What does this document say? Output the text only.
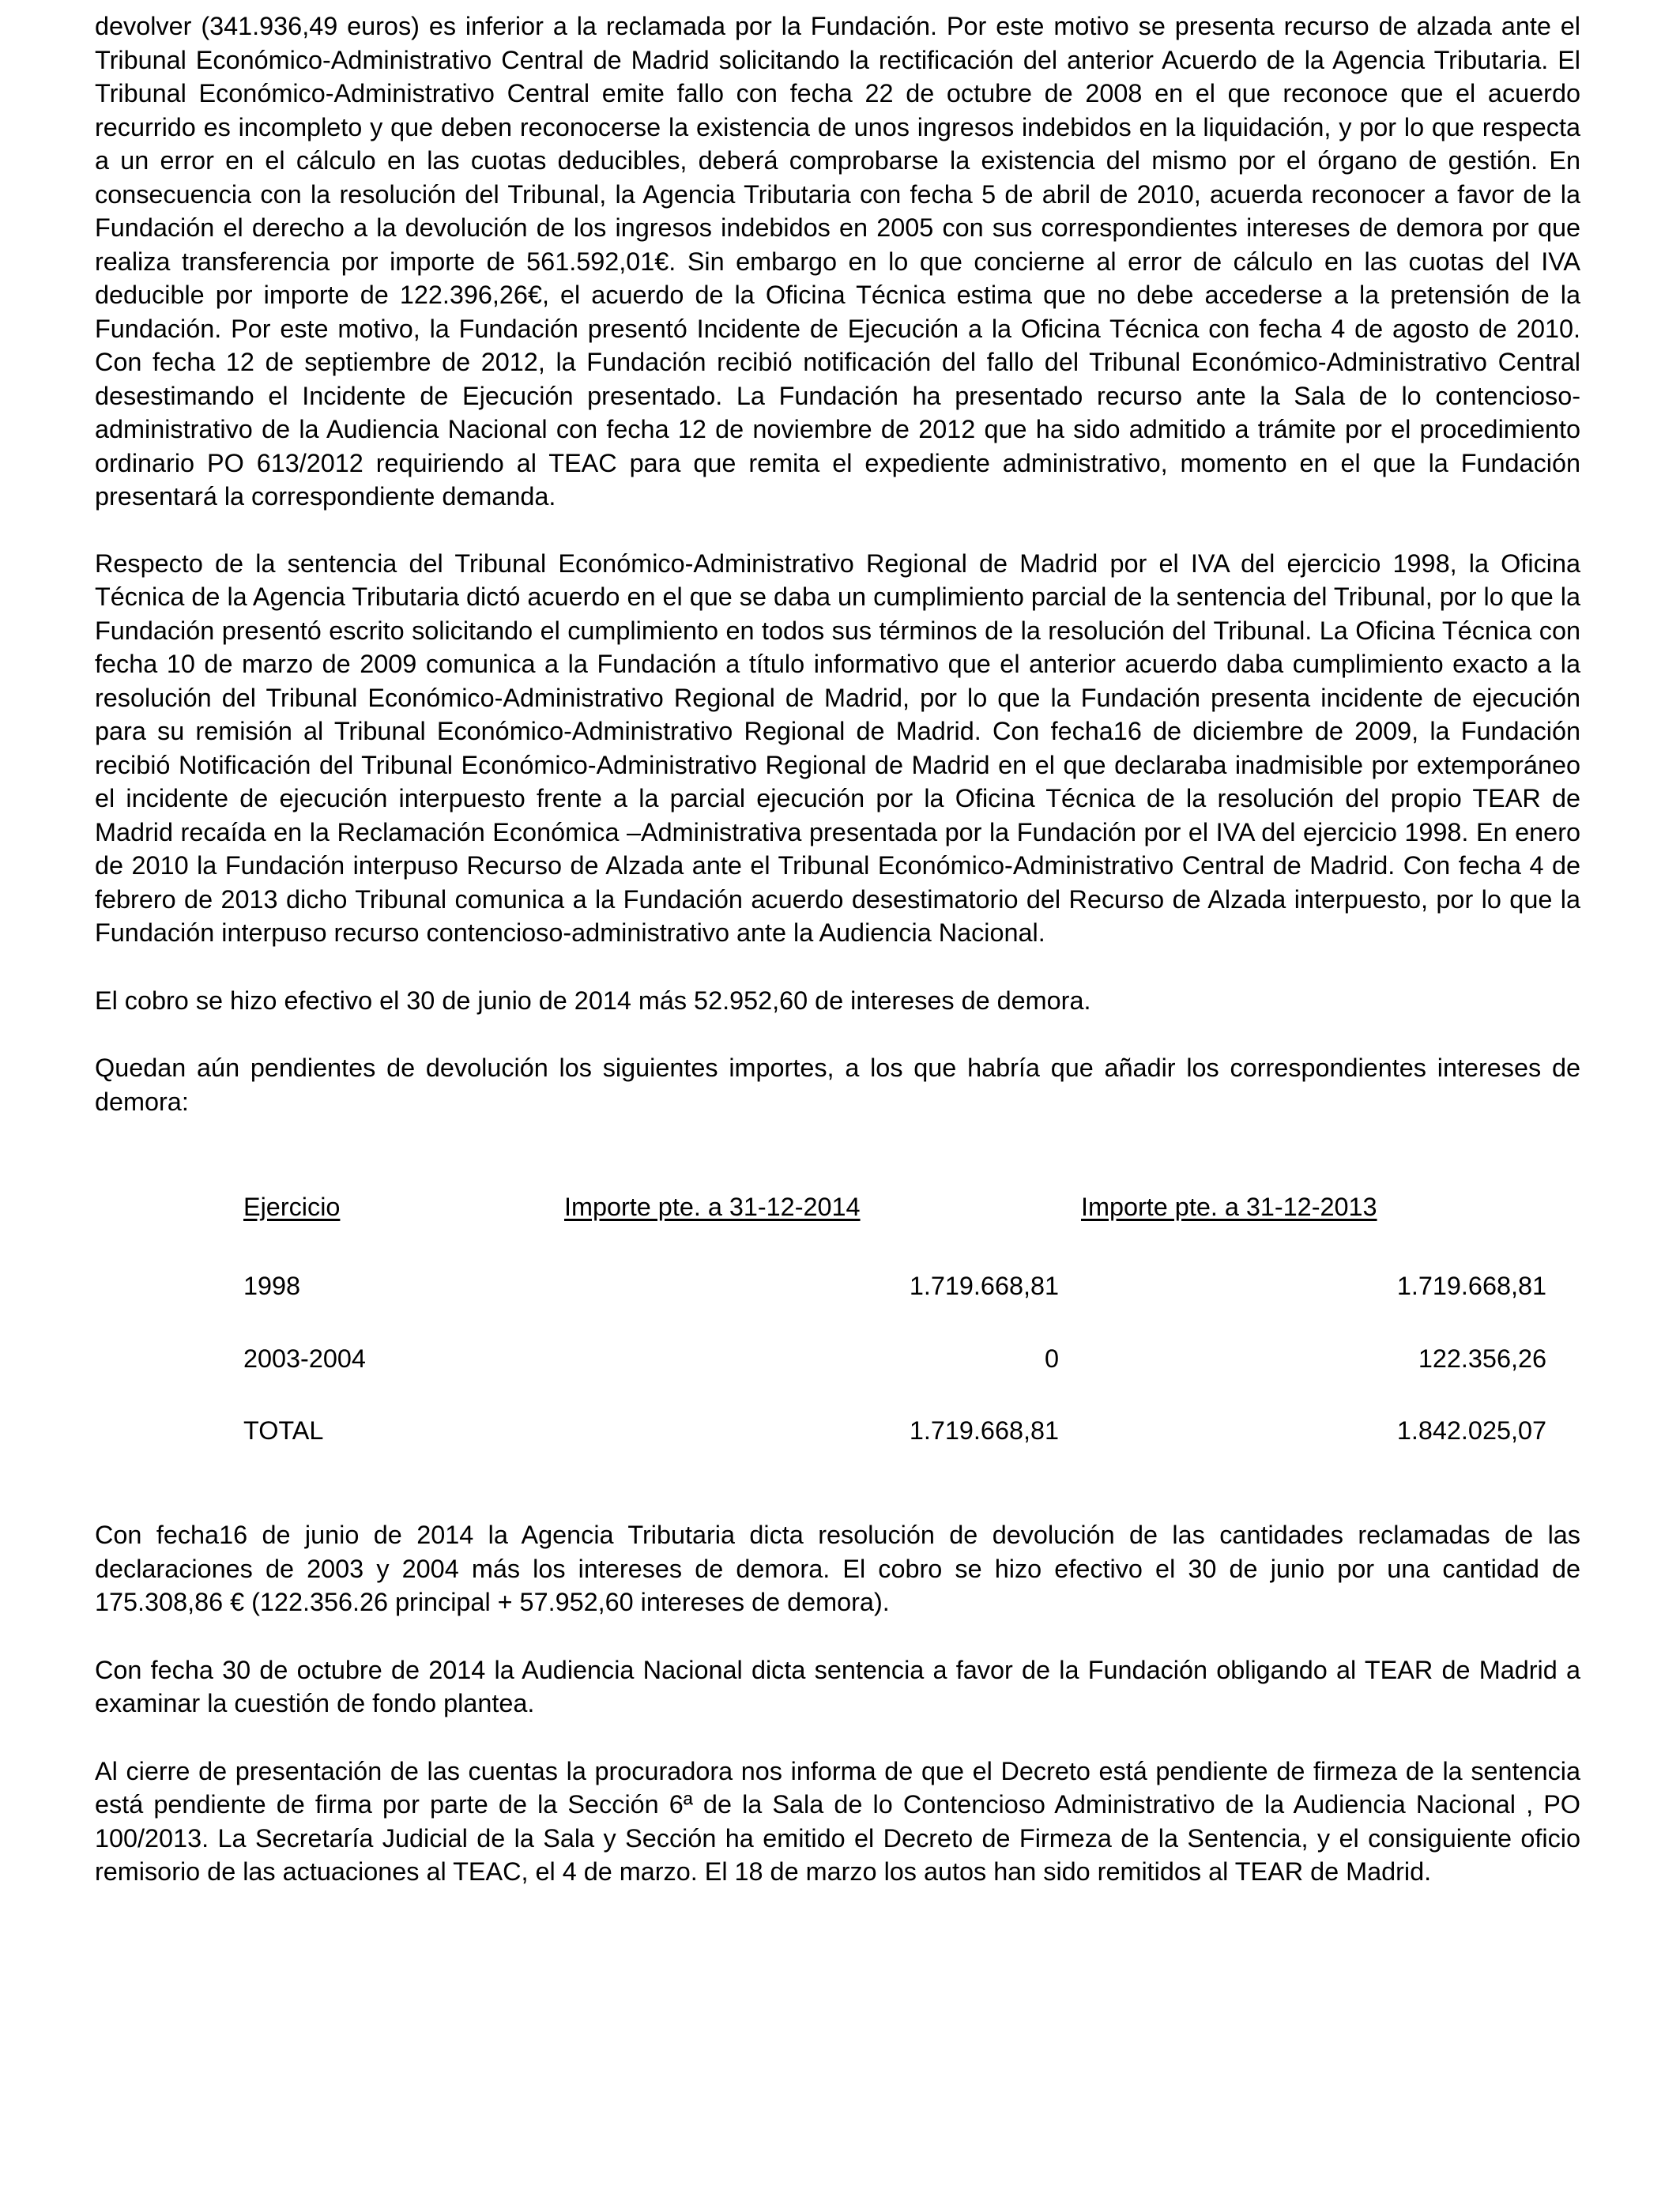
devolver (341.936,49 euros) es inferior a la reclamada por la Fundación. Por este motivo se presenta recurso de alzada ante el Tribunal Económico-Administrativo Central de Madrid solicitando la rectificación del anterior Acuerdo de la Agencia Tributaria. El Tribunal Económico-Administrativo Central emite fallo con fecha 22 de octubre de 2008 en el que reconoce que el acuerdo recurrido es incompleto y que deben reconocerse la existencia de unos ingresos indebidos en la liquidación, y por lo que respecta a un error en el cálculo en las cuotas deducibles, deberá comprobarse la existencia del mismo por el órgano de gestión. En consecuencia con la resolución del Tribunal, la Agencia Tributaria con fecha 5 de abril de 2010, acuerda reconocer a favor de la Fundación el derecho a la devolución de los ingresos indebidos en 2005 con sus correspondientes intereses de demora por que realiza transferencia por importe de 561.592,01€. Sin embargo en lo que concierne al error de cálculo en las cuotas del IVA deducible por importe de 122.396,26€, el acuerdo de la Oficina Técnica estima que no debe accederse a la pretensión de la Fundación. Por este motivo, la Fundación presentó Incidente de Ejecución a la Oficina Técnica con fecha 4 de agosto de 2010. Con fecha 12 de septiembre de 2012, la Fundación recibió notificación del fallo del Tribunal Económico-Administrativo Central desestimando el Incidente de Ejecución presentado. La Fundación ha presentado recurso ante la Sala de lo contencioso-administrativo de la Audiencia Nacional con fecha 12 de noviembre de 2012 que ha sido admitido a trámite por el procedimiento ordinario PO 613/2012 requiriendo al TEAC para que remita el expediente administrativo, momento en el que la Fundación presentará la correspondiente demanda.

Respecto de la sentencia del Tribunal Económico-Administrativo Regional de Madrid por el IVA del ejercicio 1998, la Oficina Técnica de la Agencia Tributaria dictó acuerdo en el que se daba un cumplimiento parcial de la sentencia del Tribunal, por lo que la Fundación presentó escrito solicitando el cumplimiento en todos sus términos de la resolución del Tribunal. La Oficina Técnica con fecha 10 de marzo de 2009 comunica a la Fundación a título informativo que el anterior acuerdo daba cumplimiento exacto a la resolución del Tribunal Económico-Administrativo Regional de Madrid, por lo que la Fundación presenta incidente de ejecución para su remisión al Tribunal Económico-Administrativo Regional de Madrid. Con fecha16 de diciembre de 2009, la Fundación recibió Notificación del Tribunal Económico-Administrativo Regional de Madrid en el que declaraba inadmisible por extemporáneo el incidente de ejecución interpuesto frente a la parcial ejecución por la Oficina Técnica de la resolución del propio TEAR de Madrid recaída en la Reclamación Económica –Administrativa presentada por la Fundación por el IVA del ejercicio 1998. En enero de 2010 la Fundación interpuso Recurso de Alzada ante el Tribunal Económico-Administrativo Central de Madrid. Con fecha 4 de febrero de 2013 dicho Tribunal comunica a la Fundación acuerdo desestimatorio del Recurso de Alzada interpuesto, por lo que la Fundación interpuso recurso contencioso-administrativo ante la Audiencia Nacional.

El cobro se hizo efectivo el 30 de junio de 2014 más 52.952,60 de intereses de demora.

Quedan aún pendientes de devolución los siguientes importes, a los que habría que añadir los correspondientes intereses de demora:

Ejercicio	Importe pte. a 31-12-2014	Importe pte. a 31-12-2013
1998	1.719.668,81	1.719.668,81
2003-2004	0	122.356,26
TOTAL	1.719.668,81	1.842.025,07

Con fecha16 de junio de 2014 la Agencia Tributaria dicta resolución de devolución de las cantidades reclamadas de las declaraciones de 2003 y 2004 más los intereses de demora. El cobro se hizo efectivo el 30 de junio por una cantidad de 175.308,86 € (122.356.26 principal + 57.952,60 intereses de demora).

Con fecha 30 de octubre de 2014 la Audiencia Nacional dicta sentencia a favor de la Fundación obligando al TEAR de Madrid a examinar la cuestión de fondo plantea.

Al cierre de presentación de las cuentas la procuradora nos informa de que el Decreto está pendiente de firmeza de la sentencia está pendiente de firma por parte de la Sección 6ª de la Sala de lo Contencioso Administrativo de la Audiencia Nacional , PO 100/2013. La Secretaría Judicial de la Sala y Sección ha emitido el Decreto de Firmeza de la Sentencia, y el consiguiente oficio remisorio de las actuaciones al TEAC, el 4 de marzo. El 18 de marzo los autos han sido remitidos al TEAR de Madrid.
